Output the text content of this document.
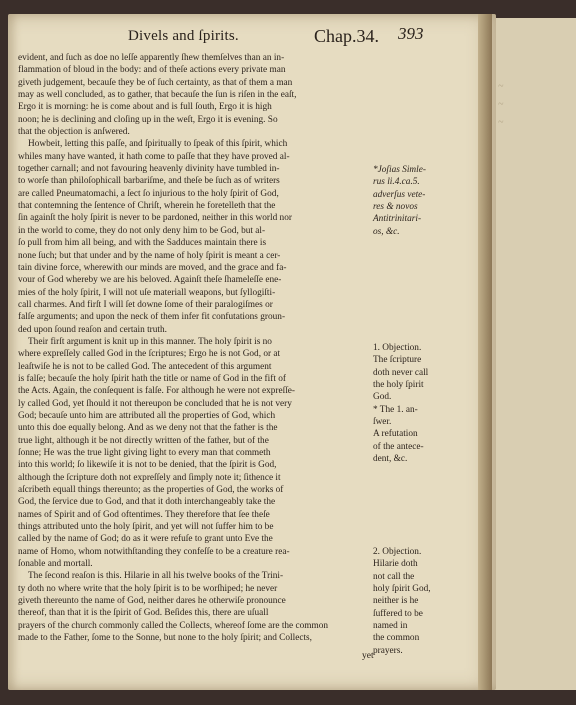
~
~
~
Divels and ſpirits.	Chap.34. 393
evident, and ſuch as doe no leſſe apparently ſhew themſelves than an in-
flammation of bloud in the body: and of theſe actions every private man
giveth judgement, becauſe they be of ſuch certainty, as that of them a man
may as well concluded, as to gather, that becauſe the ſun is riſen in the eaſt,
Ergo it is morning: he is come about and is full ſouth, Ergo it is high
noon; he is declining and cloſing up in the weſt, Ergo it is evening. So
that the objection is anſwered.
Howbeit, letting this paſſe, and ſpiritually to ſpeak of this ſpirit, which
whiles many have wanted, it hath come to paſſe that they have proved al-
together carnall; and not favouring heavenly divinity have tumbled in-
to worſe than philoſophicall barbariſme, and theſe be ſuch as of writers
are called Pneumatomachi, a ſect ſo injurious to the holy ſpirit of God,
that contemning the ſentence of Chriſt, wherein he foretelleth that the
ſin againſt the holy ſpirit is never to be pardoned, neither in this world nor
in the world to come, they do not only deny him to be God, but al-
ſo pull from him all being, and with the Sadduces maintain there is
none ſuch; but that under and by the name of holy ſpirit is meant a cer-
tain divine force, wherewith our minds are moved, and the grace and fa-
vour of God whereby we are his beloved. Againſt theſe ſhameleſſe ene-
mies of the holy ſpirit, I will not uſe materiall weapons, but ſyllogiſti-
call charmes. And firſt I will ſet downe ſome of their paralogiſmes or
falſe arguments; and upon the neck of them infer fit confutations groun-
ded upon ſound reaſon and certain truth.
Their firſt argument is knit up in this manner. The holy ſpirit is no
where expreſſely called God in the ſcriptures; Ergo he is not God, or at
leaſtwiſe he is not to be called God. The antecedent of this argument
is falſe; becauſe the holy ſpirit hath the title or name of God in the fift of
the Acts. Again, the conſequent is falſe. For although he were not expreſſe-
ly called God, yet ſhould it not thereupon be concluded that he is not very
God; becauſe unto him are attributed all the properties of God, which
unto this doe equally belong. And as we deny not that the father is the
true light, although it be not directly written of the father, but of the
ſonne; He was the true light giving light to every man that commeth
into this world; ſo likewiſe it is not to be denied, that the ſpirit is God,
although the ſcripture doth not expreſſely and ſimply note it; ſithence it
aſcribeth equall things thereunto; as the properties of God, the works of
God, the ſervice due to God, and that it doth interchangeably take the
names of Spirit and of God oftentimes. They therefore that ſee theſe
things attributed unto the holy ſpirit, and yet will not ſuffer him to be
called by the name of God; do as it were refuſe to grant unto Eve the
name of Homo, whom notwithſtanding they confeſſe to be a creature rea-
ſonable and mortall.
The ſecond reaſon is this. Hilarie in all his twelve books of the Trini-
ty doth no where write that the holy ſpirit is to be worſhiped; he never
giveth thereunto the name of God, neither dares he otherwiſe pronounce
thereof, than that it is the ſpirit of God. Beſides this, there are uſuall
prayers of the church commonly called the Collects, whereof ſome are the common
made to the Father, ſome to the Sonne, but none to the holy ſpirit; and Collects,
*Joſias Simle-
rus li.4.ca.5.
adverſus vete-
res & novos
Antitrinitari-
os, &c.
1. Objection.
The ſcripture
doth never call
the holy ſpirit
God.
* The 1. an-
ſwer.
A refutation
of the antece-
dent, &c.
2. Objection.
Hilarie doth
not call the
holy ſpirit God,
neither is he
ſuffered to be
named in
the common
prayers.
yet
